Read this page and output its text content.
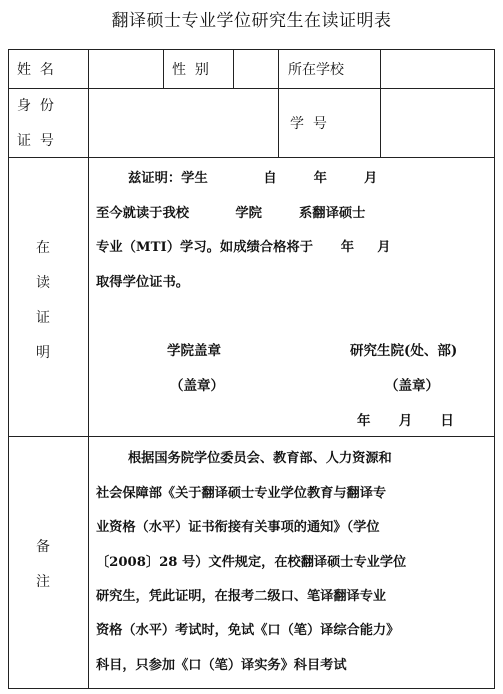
翻译硕士专业学位研究生在读证明表
姓  名	性  别	所在学校
身  份
证  号
学  号
在
读
证
明
兹证明：学生            自        年        月
至今就读于我校          学院        系翻译硕士
专业（MTI）学习。如成绩合格将于      年     月
取得学位证书。
学院盖章
（盖章）
研究生院(处、部)
（盖章）
年      月      日
备
注
根据国务院学位委员会、教育部、人力资源和
社会保障部《关于翻译硕士专业学位教育与翻译专
业资格（水平）证书衔接有关事项的通知》（学位
〔2008〕28 号）文件规定，在校翻译硕士专业学位
研究生，凭此证明，在报考二级口、笔译翻译专业
资格（水平）考试时，免试《口（笔）译综合能力》
科目，只参加《口（笔）译实务》科目考试
